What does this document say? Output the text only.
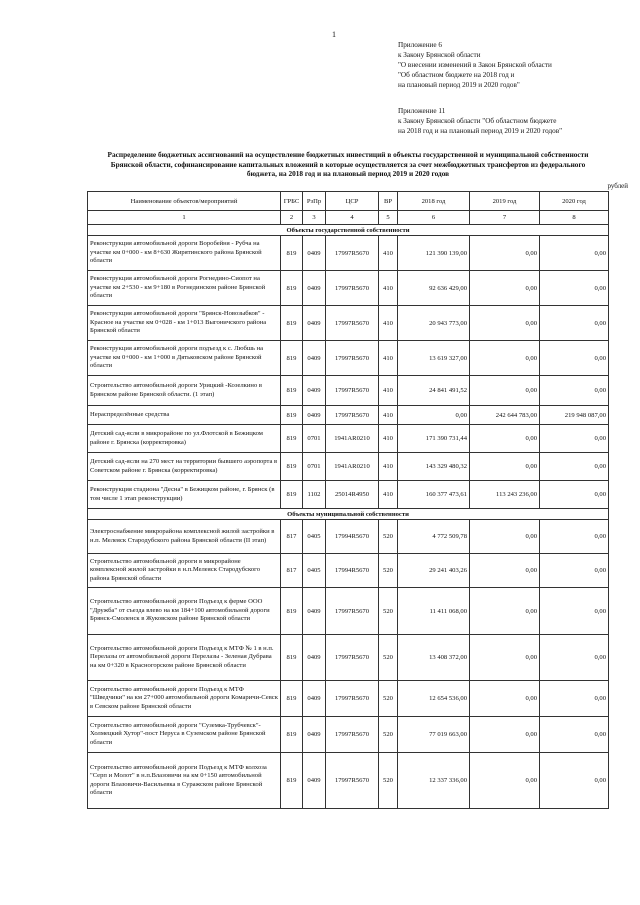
1
Приложение 6
к Закону Брянской области
"О внесении изменений в Закон Брянской области
"Об областном бюджете на 2018 год и
на плановый период 2019 и 2020 годов"
Приложение 11
к Закону Брянской области "Об областном бюджете
на 2018 год и на плановый период 2019 и 2020 годов"
Распределение бюджетных ассигнований на осуществление бюджетных инвестиций в объекты государственной и муниципальной собственности
Брянской области, софинансирование капитальных вложений в которые осуществляется за счет межбюджетных трансфертов из федерального
бюджета, на 2018 год и на плановый период 2019 и 2020 годов
рублей
Наименование объектов/мероприятий	ГРБС	РзПр	ЦСР	ВР	2018 год	2019 год	2020 год
1	2	3	4	5	6	7	8
Объекты государственной собственности							
Реконструкция автомобильной дороги Воробейня - Рубча на участке км 0+000 - км 8+630 Жирятинского района Брянской области	819	0409	17997R5670	410	121 390 139,00	0,00	0,00
Реконструкция автомобильной дороги Рогнедино-Сиопот на участке км 2+530 - км 9+180 в Рогнединском районе Брянской области	819	0409	17997R5670	410	92 636 429,00	0,00	0,00
Реконструкция автомобильной дороги "Брянск-Новозыбков" - Красное на участке км 0+028 - км 1+013 Выгоничского района Брянской области	819	0409	17997R5670	410	20 943 773,00	0,00	0,00
Реконструкция автомобильной дороги подъезд к с. Любшь на участке км 0+000 - км 1+000 в Дятьковском районе Брянской области	819	0409	17997R5670	410	13 619 327,00	0,00	0,00
Строительство автомобильной дороги Урицкий -Козелкино в Брянском районе Брянской области. (1 этап)	819	0409	17997R5670	410	24 841 491,52	0,00	0,00
Нераспределённые средства	819	0409	17997R5670	410	0,00	242 644 783,00	219 948 087,00
Детский сад-ясли в микрорайоне по ул.Флотской в Бежицком районе г. Брянска (корректировка)	819	0701	1941AR0210	410	171 390 731,44	0,00	0,00
Детский сад-ясли на 270 мест на территории бывшего аэропорта в Советском районе г. Брянска (корректировка)	819	0701	1941AR0210	410	143 329 480,32	0,00	0,00
Реконструкция стадиона "Десна" в Бежицком районе, г. Брянск (в том числе 1 этап реконструкции)	819	1102	25014R4950	410	160 377 473,61	113 243 236,00	0,00
Объекты муниципальной собственности							
Электроснабжение микрорайона комплексной жилой застройки в н.п. Мелеяск Стародубского района Брянской области (II этап)	817	0405	17994R5670	520	4 772 509,78	0,00	0,00
Строительство автомобильной дороги в микрорайоне комплексной жилой застройки в н.п.Мелеяск Стародубского района Брянской области	817	0405	17994R5670	520	29 241 403,26	0,00	0,00
Строительство автомобильной дороги Подъезд к ферме ООО "Дружба" от съезда влево на км 184+100 автомобильной дороги Брянск-Смоленск в Жуковском районе Брянской области	819	0409	17997R5670	520	11 411 068,00	0,00	0,00
Строительство автомобильной дороги Подъезд к МТФ № 1 в н.п. Перелазы от автомобильной дороги Перелазы - Зеленая Дубрава на км 0+320 в Красногорском районе Брянской области	819	0409	17997R5670	520	13 408 372,00	0,00	0,00
Строительство автомобильной дороги Подъезд к МТФ "Шведчики" на км 27+000 автомобильной дороги Комаричи-Севск в Севском районе Брянской области	819	0409	17997R5670	520	12 654 536,00	0,00	0,00
Строительство автомобильной дороги "Суземка-Трубчевск"-Холмецкий Хутор"-пост Неруса в Суземском районе Брянской области	819	0409	17997R5670	520	77 019 663,00	0,00	0,00
Строительство автомобильной дороги Подъезд к МТФ колхоза "Серп и Молот" в н.п.Влазовичи на км 0+150 автомобильной дороги Влазовичи-Васильевка в Суражском районе Брянской области	819	0409	17997R5670	520	12 337 336,00	0,00	0,00
